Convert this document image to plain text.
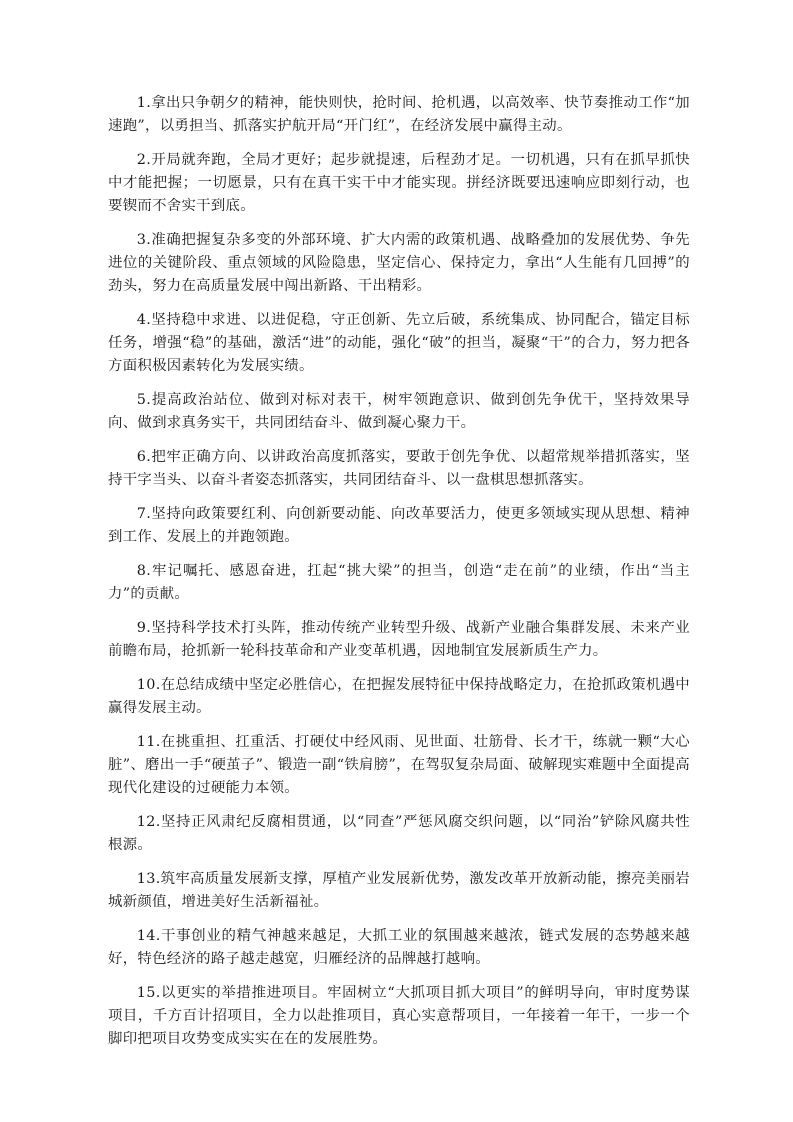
1.拿出只争朝夕的精神，能快则快，抢时间、抢机遇，以高效率、快节奏推动工作“加速跑”，以勇担当、抓落实护航开局“开门红”，在经济发展中赢得主动。

2.开局就奔跑，全局才更好；起步就提速，后程劲才足。一切机遇，只有在抓早抓快中才能把握；一切愿景，只有在真干实干中才能实现。拼经济既要迅速响应即刻行动，也要锲而不舍实干到底。

3.准确把握复杂多变的外部环境、扩大内需的政策机遇、战略叠加的发展优势、争先进位的关键阶段、重点领域的风险隐患，坚定信心、保持定力，拿出“人生能有几回搏”的劲头，努力在高质量发展中闯出新路、干出精彩。

4.坚持稳中求进、以进促稳，守正创新、先立后破，系统集成、协同配合，锚定目标任务，增强“稳”的基础，激活“进”的动能，强化“破”的担当，凝聚“干”的合力，努力把各方面积极因素转化为发展实绩。

5.提高政治站位、做到对标对表干，树牢领跑意识、做到创先争优干，坚持效果导向、做到求真务实干，共同团结奋斗、做到凝心聚力干。

6.把牢正确方向、以讲政治高度抓落实，要敢于创先争优、以超常规举措抓落实，坚持干字当头、以奋斗者姿态抓落实，共同团结奋斗、以一盘棋思想抓落实。

7.坚持向政策要红利、向创新要动能、向改革要活力，使更多领域实现从思想、精神到工作、发展上的并跑领跑。

8.牢记嘱托、感恩奋进，扛起“挑大梁”的担当，创造“走在前”的业绩，作出“当主力”的贡献。

9.坚持科学技术打头阵，推动传统产业转型升级、战新产业融合集群发展、未来产业前瞻布局，抢抓新一轮科技革命和产业变革机遇，因地制宜发展新质生产力。

10.在总结成绩中坚定必胜信心，在把握发展特征中保持战略定力，在抢抓政策机遇中赢得发展主动。

11.在挑重担、扛重活、打硬仗中经风雨、见世面、壮筋骨、长才干，练就一颗“大心脏”、磨出一手“硬茧子”、锻造一副“铁肩膀”，在驾驭复杂局面、破解现实难题中全面提高现代化建设的过硬能力本领。

12.坚持正风肃纪反腐相贯通，以“同查”严惩风腐交织问题，以“同治”铲除风腐共性根源。

13.筑牢高质量发展新支撑，厚植产业发展新优势，激发改革开放新动能，擦亮美丽岩城新颜值，增进美好生活新福祉。

14.干事创业的精气神越来越足，大抓工业的氛围越来越浓，链式发展的态势越来越好，特色经济的路子越走越宽，归雁经济的品牌越打越响。

15.以更实的举措推进项目。牢固树立“大抓项目抓大项目”的鲜明导向，审时度势谋项目，千方百计招项目，全力以赴推项目，真心实意帮项目，一年接着一年干，一步一个脚印把项目攻势变成实实在在的发展胜势。
